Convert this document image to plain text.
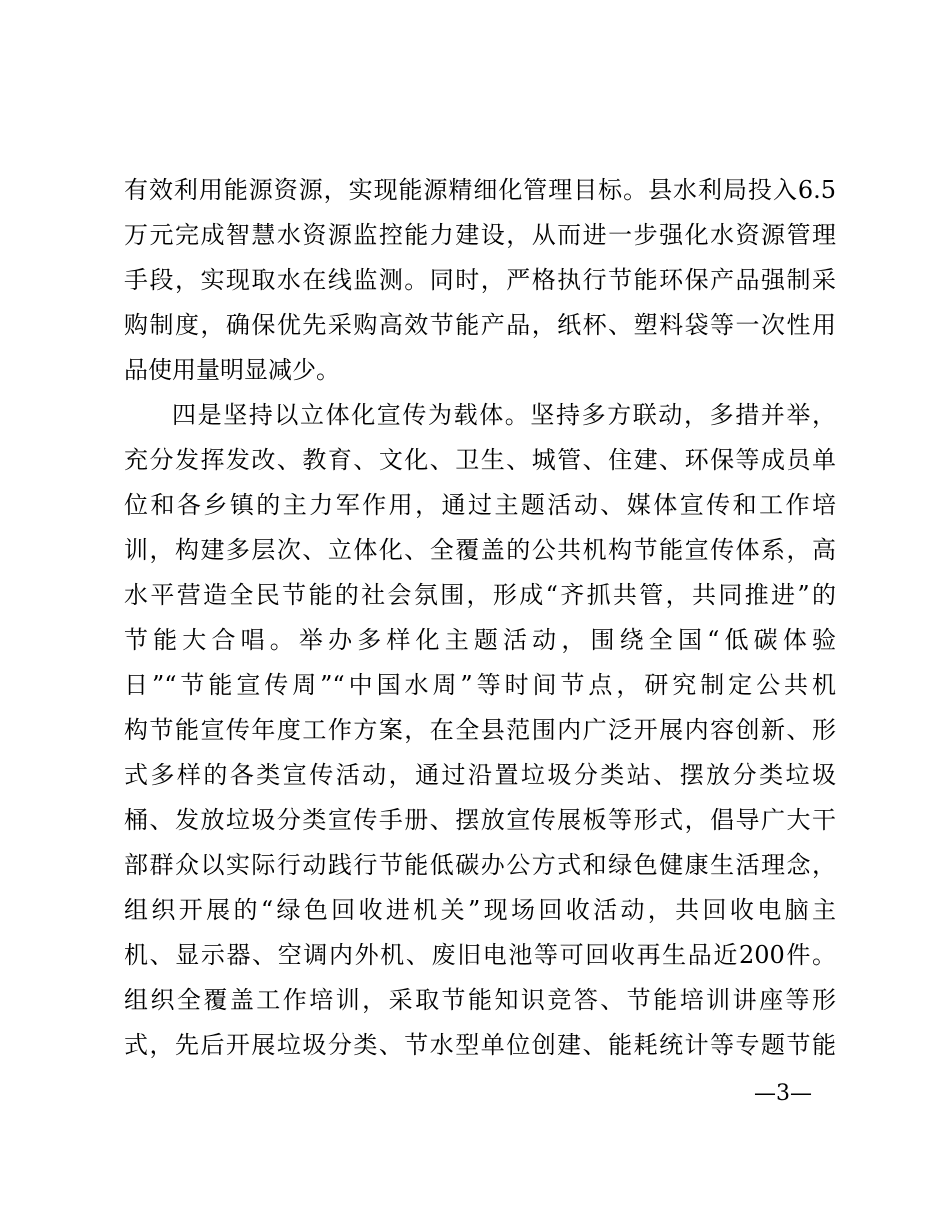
有效利用能源资源，实现能源精细化管理目标。县水利局投入6.5
万元完成智慧水资源监控能力建设，从而进一步强化水资源管理
手段，实现取水在线监测。同时，严格执行节能环保产品强制采
购制度，确保优先采购高效节能产品，纸杯、塑料袋等一次性用
品使用量明显减少。
四是坚持以立体化宣传为载体。坚持多方联动，多措并举，
充分发挥发改、教育、文化、卫生、城管、住建、环保等成员单
位和各乡镇的主力军作用，通过主题活动、媒体宣传和工作培
训，构建多层次、立体化、全覆盖的公共机构节能宣传体系，高
水平营造全民节能的社会氛围，形成“齐抓共管，共同推进”的
节能大合唱。举办多样化主题活动，围绕全国“低碳体验
日”“节能宣传周”“中国水周”等时间节点，研究制定公共机
构节能宣传年度工作方案，在全县范围内广泛开展内容创新、形
式多样的各类宣传活动，通过沿置垃圾分类站、摆放分类垃圾
桶、发放垃圾分类宣传手册、摆放宣传展板等形式，倡导广大干
部群众以实际行动践行节能低碳办公方式和绿色健康生活理念，
组织开展的“绿色回收进机关”现场回收活动，共回收电脑主
机、显示器、空调内外机、废旧电池等可回收再生品近200件。
组织全覆盖工作培训，采取节能知识竞答、节能培训讲座等形
式，先后开展垃圾分类、节水型单位创建、能耗统计等专题节能
—3—
